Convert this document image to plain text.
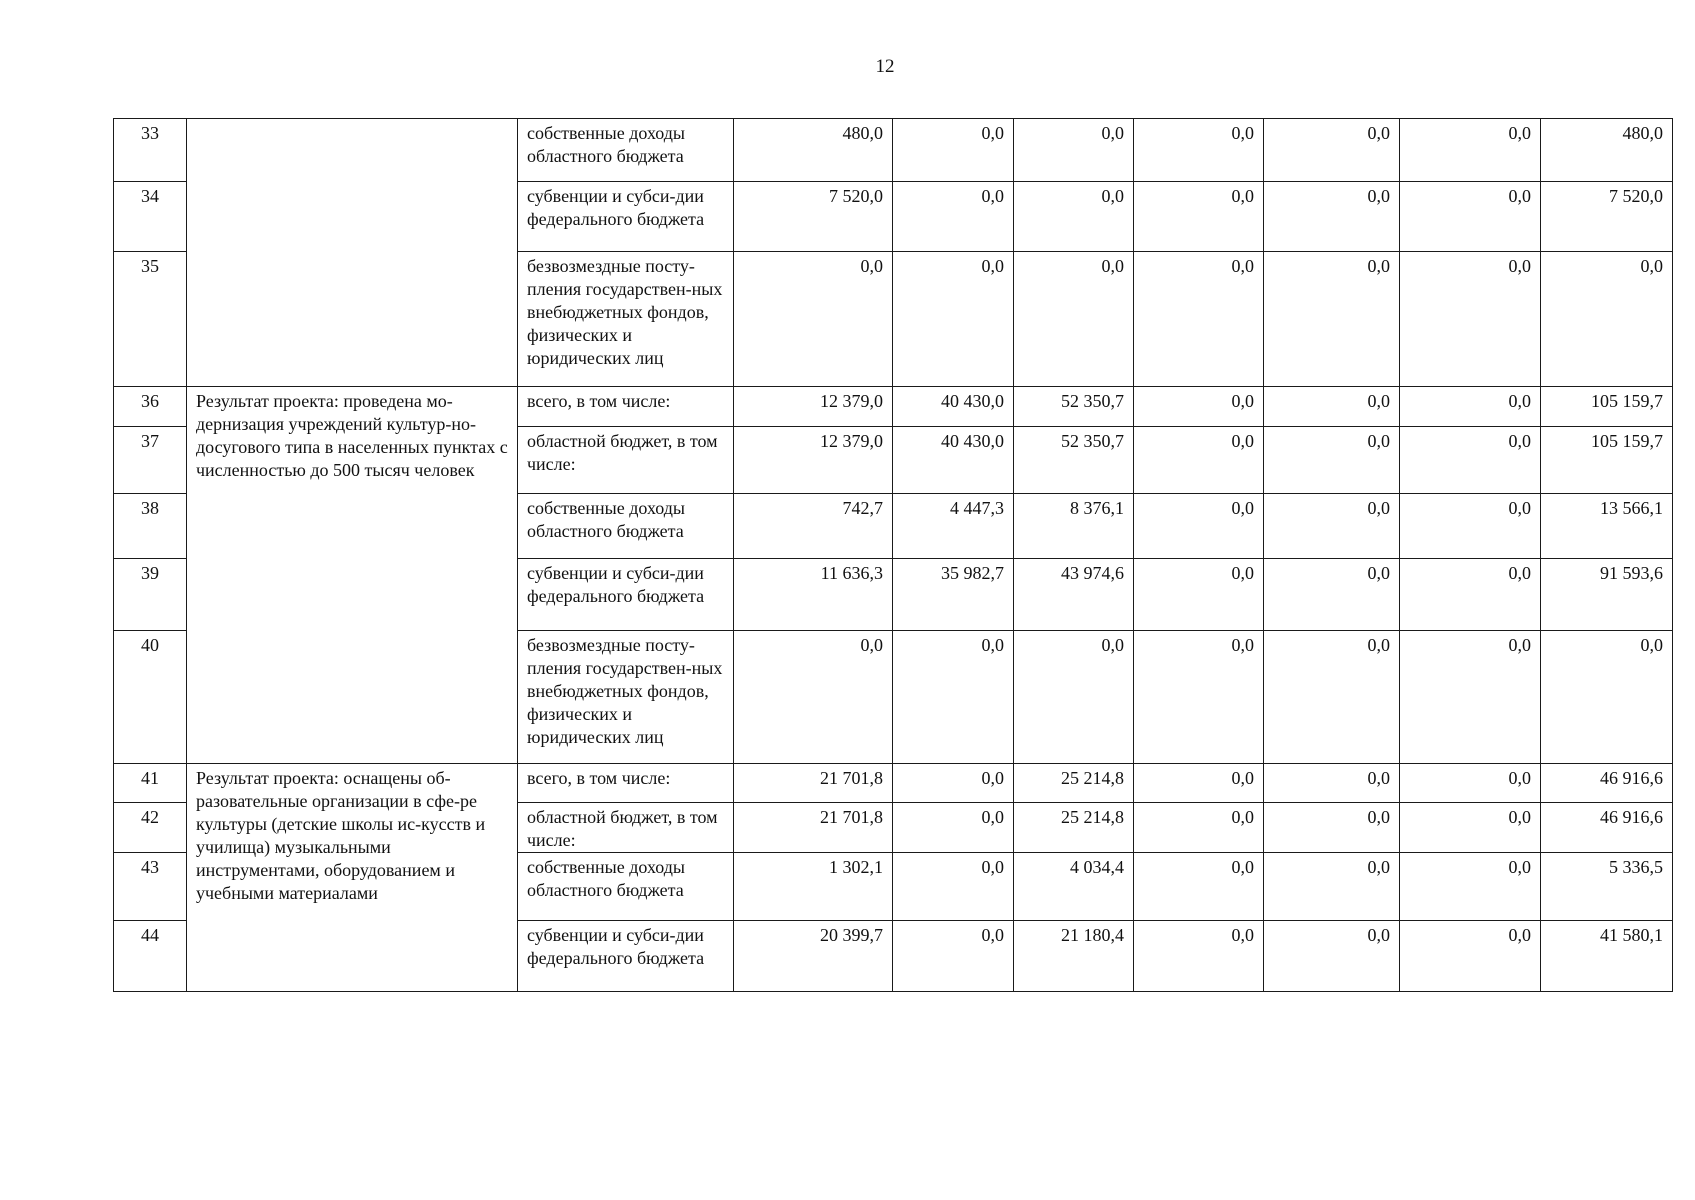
12
33		собственные доходы областного бюджета	480,0	0,0	0,0	0,0	0,0	0,0	480,0
34		субвенции и субси-дии федерального бюджета	7 520,0	0,0	0,0	0,0	0,0	0,0	7 520,0
35		безвозмездные посту-пления государствен-ных внебюджетных фондов, физических и юридических лиц	0,0	0,0	0,0	0,0	0,0	0,0	0,0
36	Результат проекта: проведена мо-дернизация учреждений культур-но-досугового типа в населенных пунктах с численностью до 500 тысяч человек	всего, в том числе:	12 379,0	40 430,0	52 350,7	0,0	0,0	0,0	105 159,7
37		областной бюджет, в том числе:	12 379,0	40 430,0	52 350,7	0,0	0,0	0,0	105 159,7
38		собственные доходы областного бюджета	742,7	4 447,3	8 376,1	0,0	0,0	0,0	13 566,1
39		субвенции и субси-дии федерального бюджета	11 636,3	35 982,7	43 974,6	0,0	0,0	0,0	91 593,6
40		безвозмездные посту-пления государствен-ных внебюджетных фондов, физических и юридических лиц	0,0	0,0	0,0	0,0	0,0	0,0	0,0
41	Результат проекта: оснащены об-разовательные организации в сфе-ре культуры (детские школы ис-кусств и училища) музыкальными инструментами, оборудованием и учебными материалами	всего, в том числе:	21 701,8	0,0	25 214,8	0,0	0,0	0,0	46 916,6
42		областной бюджет, в том числе:	21 701,8	0,0	25 214,8	0,0	0,0	0,0	46 916,6
43		собственные доходы областного бюджета	1 302,1	0,0	4 034,4	0,0	0,0	0,0	5 336,5
44		субвенции и субси-дии федерального бюджета	20 399,7	0,0	21 180,4	0,0	0,0	0,0	41 580,1
